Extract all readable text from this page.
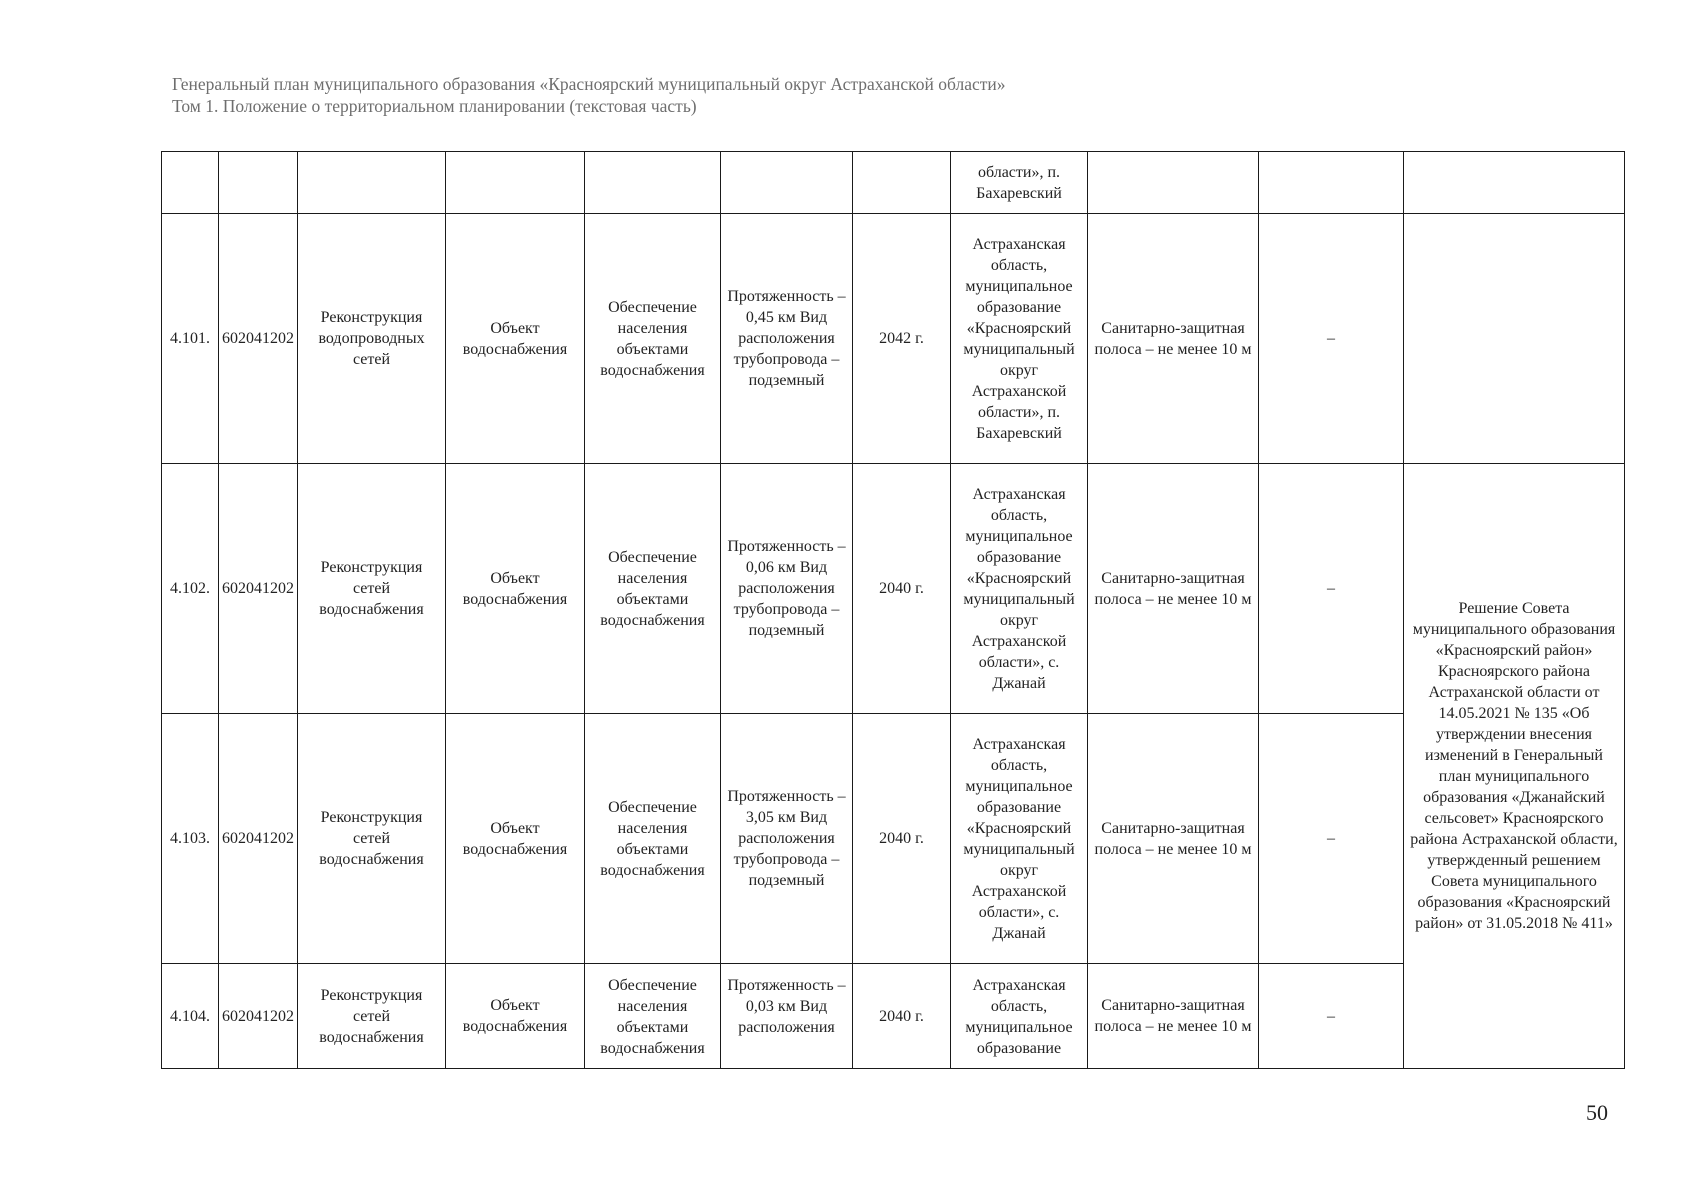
Генеральный план муниципального образования «Красноярский муниципальный округ Астраханской области»
Том 1. Положение о территориальном планировании (текстовая часть)
							области», п. Бахаревский			
4.101.	602041202	Реконструкция водопроводных сетей	Объект водоснабжения	Обеспечение населения объектами водоснабжения	Протяженность – 0,45 км Вид расположения трубопровода – подземный	2042 г.	Астраханская область, муниципальное образование «Красноярский муниципальный округ Астраханской области», п. Бахаревский	Санитарно-защитная полоса – не менее 10 м	–	
4.102.	602041202	Реконструкция сетей водоснабжения	Объект водоснабжения	Обеспечение населения объектами водоснабжения	Протяженность – 0,06 км Вид расположения трубопровода – подземный	2040 г.	Астраханская область, муниципальное образование «Красноярский муниципальный округ Астраханской области», с. Джанай	Санитарно-защитная полоса – не менее 10 м	–	Решение Совета муниципального образования «Красноярский район» Красноярского района Астраханской области от 14.05.2021 № 135 «Об утверждении внесения изменений в Генеральный план муниципального образования «Джанайский сельсовет» Красноярского района Астраханской области, утвержденный решением Совета муниципального образования «Красноярский район» от 31.05.2018 № 411»
4.103.	602041202	Реконструкция сетей водоснабжения	Объект водоснабжения	Обеспечение населения объектами водоснабжения	Протяженность – 3,05 км Вид расположения трубопровода – подземный	2040 г.	Астраханская область, муниципальное образование «Красноярский муниципальный округ Астраханской области», с. Джанай	Санитарно-защитная полоса – не менее 10 м	–	
4.104.	602041202	Реконструкция сетей водоснабжения	Объект водоснабжения	Обеспечение населения объектами водоснабжения	Протяженность – 0,03 км Вид расположения	2040 г.	Астраханская область, муниципальное образование	Санитарно-защитная полоса – не менее 10 м	–	
50
